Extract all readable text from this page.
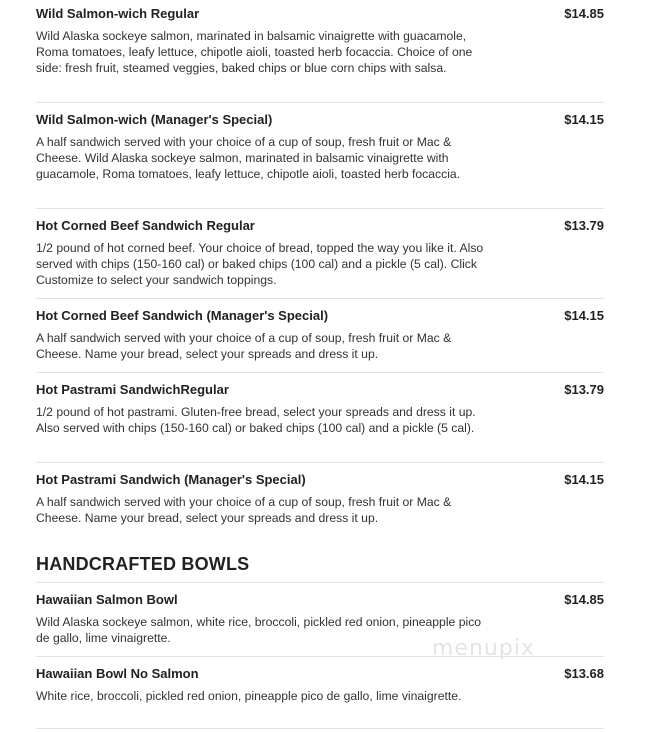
Wild Salmon-wich Regular	$14.85
Wild Alaska sockeye salmon, marinated in balsamic vinaigrette with guacamole, Roma tomatoes, leafy lettuce, chipotle aioli, toasted herb focaccia. Choice of one side: fresh fruit, steamed veggies, baked chips or blue corn chips with salsa.
Wild Salmon-wich (Manager's Special)	$14.15
A half sandwich served with your choice of a cup of soup, fresh fruit or Mac & Cheese. Wild Alaska sockeye salmon, marinated in balsamic vinaigrette with guacamole, Roma tomatoes, leafy lettuce, chipotle aioli, toasted herb focaccia.
Hot Corned Beef Sandwich Regular	$13.79
1/2 pound of hot corned beef. Your choice of bread, topped the way you like it. Also served with chips (150-160 cal) or baked chips (100 cal) and a pickle (5 cal). Click Customize to select your sandwich toppings.
Hot Corned Beef Sandwich (Manager's Special)	$14.15
A half sandwich served with your choice of a cup of soup, fresh fruit or Mac & Cheese. Name your bread, select your spreads and dress it up.
Hot Pastrami SandwichRegular	$13.79
1/2 pound of hot pastrami. Gluten-free bread, select your spreads and dress it up. Also served with chips (150-160 cal) or baked chips (100 cal) and a pickle (5 cal).
Hot Pastrami Sandwich (Manager's Special)	$14.15
A half sandwich served with your choice of a cup of soup, fresh fruit or Mac & Cheese. Name your bread, select your spreads and dress it up.
HANDCRAFTED BOWLS
Hawaiian Salmon Bowl	$14.85
Wild Alaska sockeye salmon, white rice, broccoli, pickled red onion, pineapple pico de gallo, lime vinaigrette.
Hawaiian Bowl No Salmon	$13.68
White rice, broccoli, pickled red onion, pineapple pico de gallo, lime vinaigrette.
menupix
